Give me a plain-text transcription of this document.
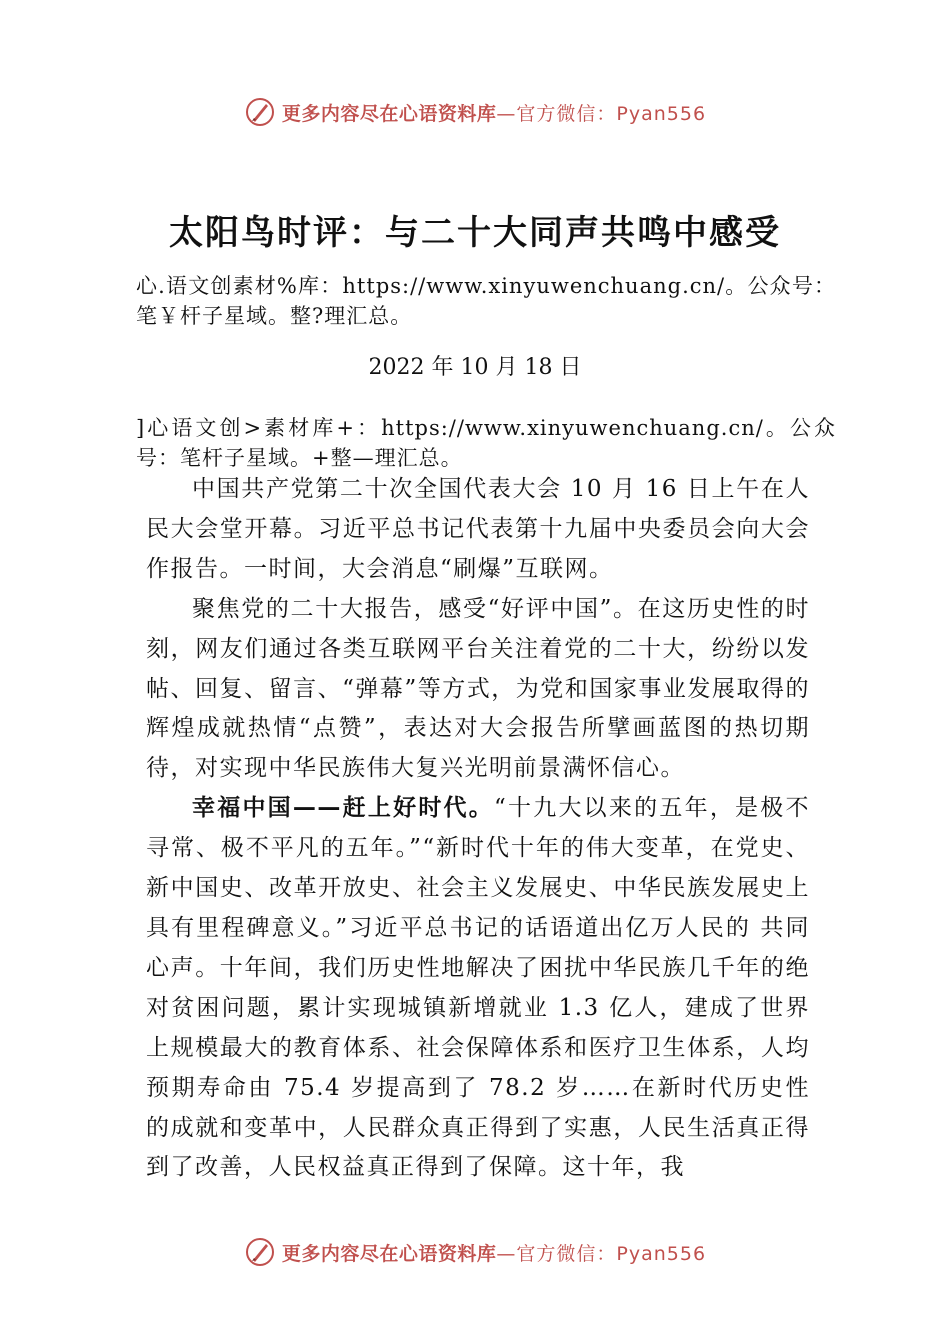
更多内容尽在心语资料库 —官方微信：Pyan556
太阳鸟时评：与二十大同声共鸣中感受
心.语文创素材%库：https://www.xinyuwenchuang.cn/。公众号：笔￥杆子星域。整?理汇总。
2022 年 10 月 18 日
]心语文创>素材库+：https://www.xinyuwenchuang.cn/。公众号：笔杆子星域。+整—理汇总。

中国共产党第二十次全国代表大会 10 月 16 日上午在人民大会堂开幕。习近平总书记代表第十九届中央委员会向大会作报告。一时间，大会消息“刷爆”互联网。

聚焦党的二十大报告，感受“好评中国”。在这历史性的时刻，网友们通过各类互联网平台关注着党的二十大，纷纷以发帖、回复、留言、“弹幕”等方式，为党和国家事业发展取得的辉煌成就热情“点赞”，表达对大会报告所擘画蓝图的热切期待，对实现中华民族伟大复兴光明前景满怀信心。

幸福中国——赶上好时代。“十九大以来的五年，是极不寻常、极不平凡的五年。”“新时代十年的伟大变革，在党史、新中国史、改革开放史、社会主义发展史、中华民族发展史上具有里程碑意义。”习近平总书记的话语道出亿万人民的 共同心声。十年间，我们历史性地解决了困扰中华民族几千年的绝对贫困问题，累计实现城镇新增就业 1.3 亿人，建成了世界上规模最大的教育体系、社会保障体系和医疗卫生体系，人均预期寿命由 75.4 岁提高到了 78.2 岁……在新时代历史性的成就和变革中，人民群众真正得到了实惠，人民生活真正得到了改善，人民权益真正得到了保障。这十年，我

更多内容尽在心语资料库 —官方微信：Pyan556
